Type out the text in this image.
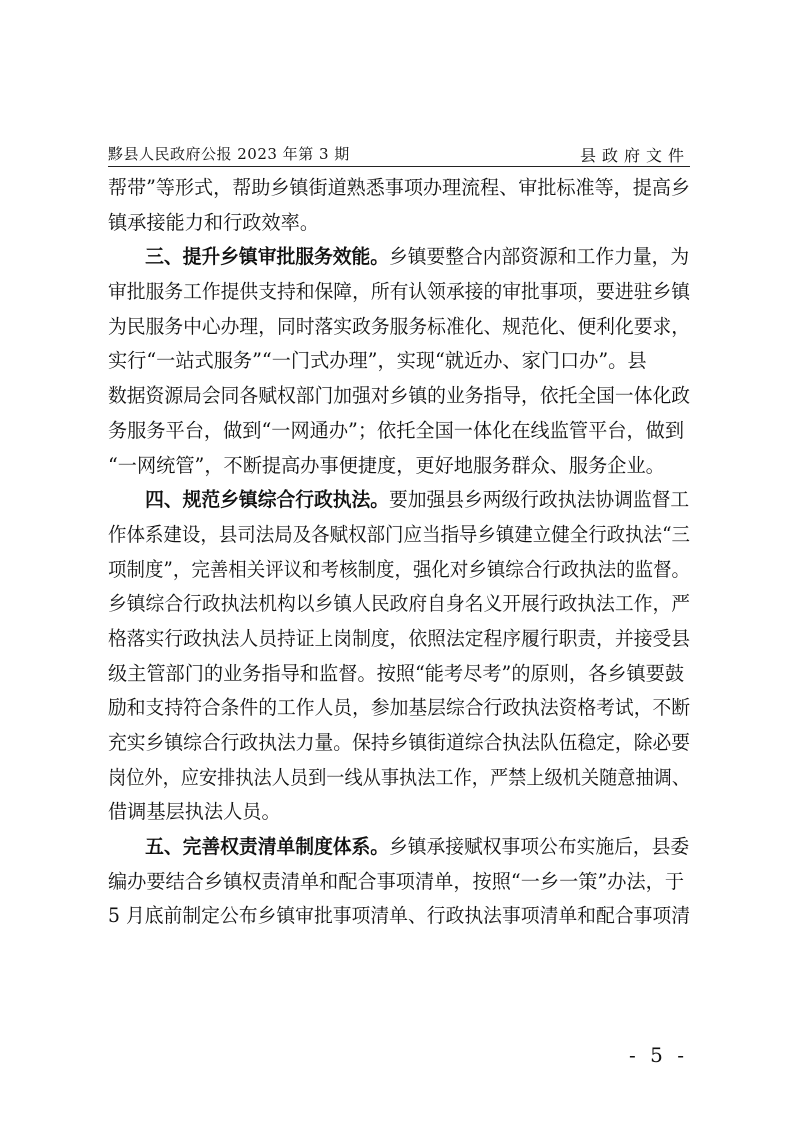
黟县人民政府公报 2023 年第 3 期	县政府文件
帮带”等形式，帮助乡镇街道熟悉事项办理流程、审批标准等，提高乡
镇承接能力和行政效率。
三、提升乡镇审批服务效能。乡镇要整合内部资源和工作力量，为
审批服务工作提供支持和保障，所有认领承接的审批事项，要进驻乡镇
为民服务中心办理，同时落实政务服务标准化、规范化、便利化要求，
实行“一站式服务”“一门式办理”，实现“就近办、家门口办”。县
数据资源局会同各赋权部门加强对乡镇的业务指导，依托全国一体化政
务服务平台，做到“一网通办”；依托全国一体化在线监管平台，做到
“一网统管”，不断提高办事便捷度，更好地服务群众、服务企业。
四、规范乡镇综合行政执法。要加强县乡两级行政执法协调监督工
作体系建设，县司法局及各赋权部门应当指导乡镇建立健全行政执法“三
项制度”，完善相关评议和考核制度，强化对乡镇综合行政执法的监督。
乡镇综合行政执法机构以乡镇人民政府自身名义开展行政执法工作，严
格落实行政执法人员持证上岗制度，依照法定程序履行职责，并接受县
级主管部门的业务指导和监督。按照“能考尽考”的原则，各乡镇要鼓
励和支持符合条件的工作人员，参加基层综合行政执法资格考试，不断
充实乡镇综合行政执法力量。保持乡镇街道综合执法队伍稳定，除必要
岗位外，应安排执法人员到一线从事执法工作，严禁上级机关随意抽调、
借调基层执法人员。
五、完善权责清单制度体系。乡镇承接赋权事项公布实施后，县委
编办要结合乡镇权责清单和配合事项清单，按照“一乡一策”办法，于
5 月底前制定公布乡镇审批事项清单、行政执法事项清单和配合事项清
- 5 -
